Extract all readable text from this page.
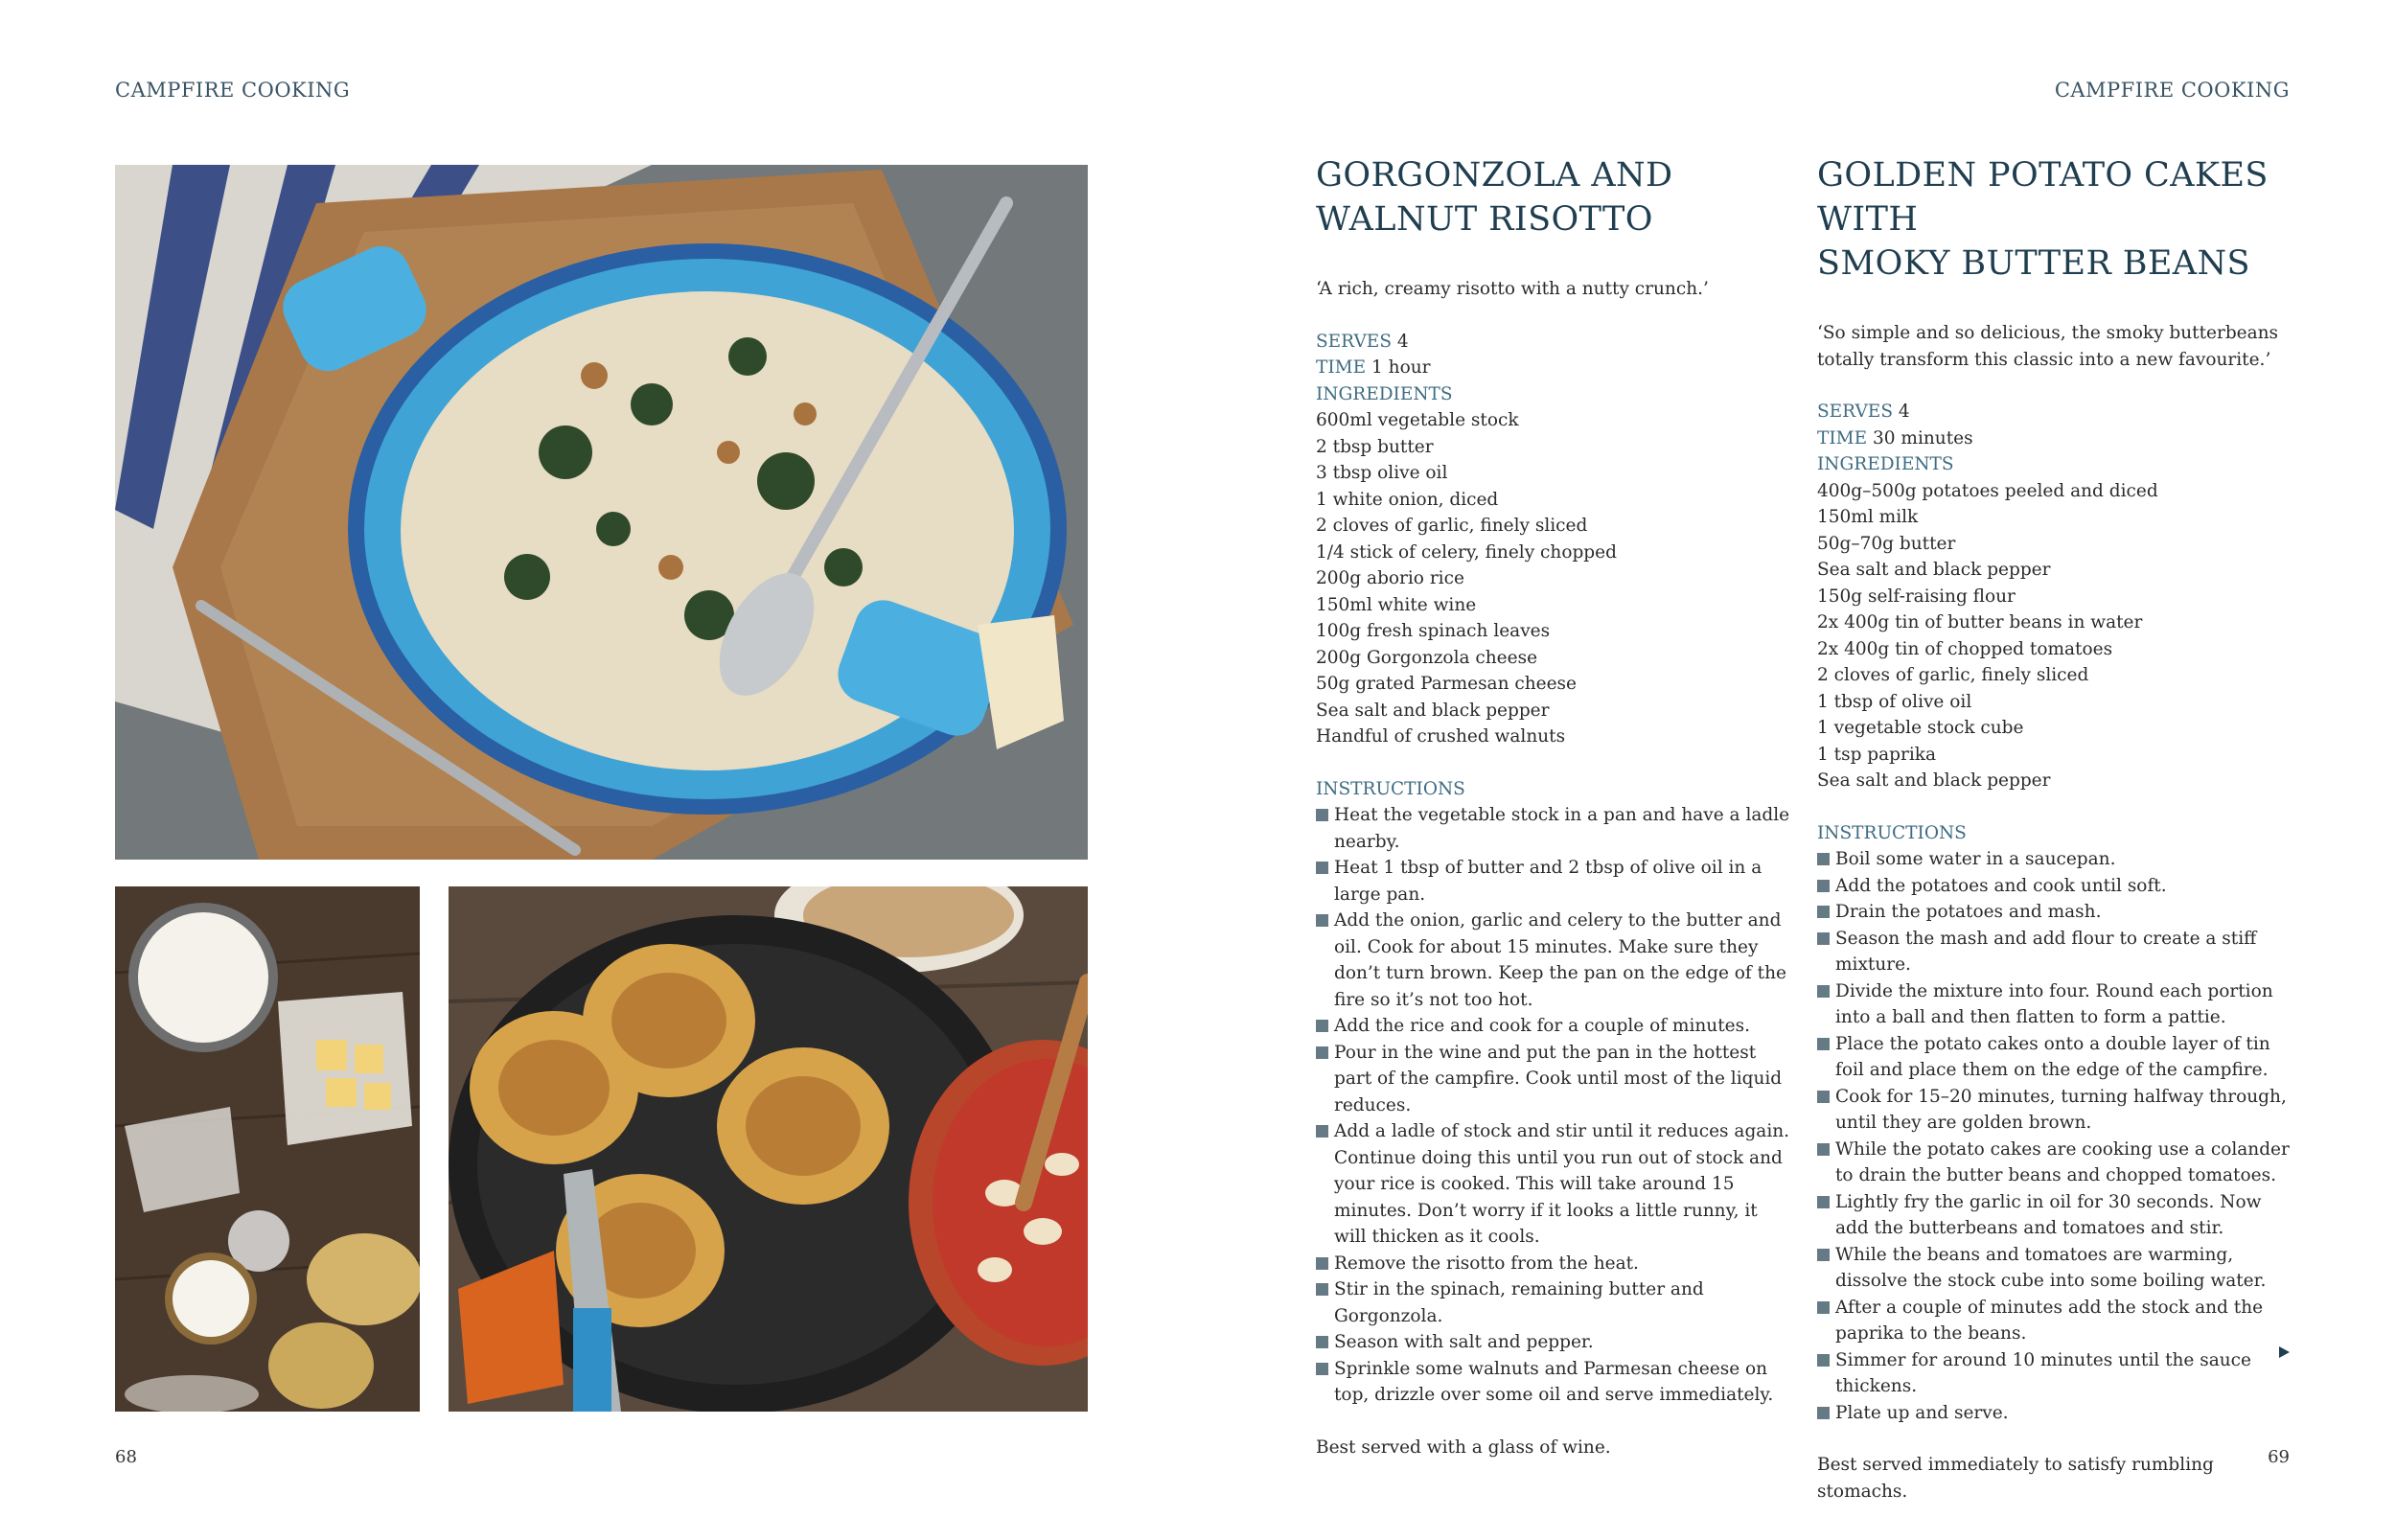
CAMPFIRE COOKING	CAMPFIRE COOKING
GORGONZOLA AND
WALNUT RISOTTO

‘A rich, creamy risotto with a nutty crunch.’

SERVES 4
TIME 1 hour
INGREDIENTS
600ml vegetable stock
2 tbsp butter
3 tbsp olive oil
1 white onion, diced
2 cloves of garlic, finely sliced
1/4 stick of celery, finely chopped
200g aborio rice
150ml white wine
100g fresh spinach leaves
200g Gorgonzola cheese
50g grated Parmesan cheese
Sea salt and black pepper
Handful of crushed walnuts
INSTRUCTIONS
Heat the vegetable stock in a pan and have a ladle nearby.
Heat 1 tbsp of butter and 2 tbsp of olive oil in a large pan.
Add the onion, garlic and celery to the butter and oil. Cook for about 15 minutes. Make sure they don’t turn brown. Keep the pan on the edge of the fire so it’s not too hot.
Add the rice and cook for a couple of minutes.
Pour in the wine and put the pan in the hottest part of the campfire. Cook until most of the liquid reduces.
Add a ladle of stock and stir until it reduces again. Continue doing this until you run out of stock and your rice is cooked. This will take around 15 minutes. Don’t worry if it looks a little runny, it will thicken as it cools.
Remove the risotto from the heat.
Stir in the spinach, remaining butter and Gorgonzola.
Season with salt and pepper.
Sprinkle some walnuts and Parmesan cheese on top, drizzle over some oil and serve immediately.

Best served with a glass of wine.

GOLDEN POTATO CAKES WITH
SMOKY BUTTER BEANS

‘So simple and so delicious, the smoky butterbeans totally transform this classic into a new favourite.’

SERVES 4
TIME 30 minutes
INGREDIENTS
400g–500g potatoes peeled and diced
150ml milk
50g–70g butter
Sea salt and black pepper
150g self-raising flour
2x 400g tin of butter beans in water
2x 400g tin of chopped tomatoes
2 cloves of garlic, finely sliced
1 tbsp of olive oil
1 vegetable stock cube
1 tsp paprika
Sea salt and black pepper
INSTRUCTIONS
Boil some water in a saucepan.
Add the potatoes and cook until soft.
Drain the potatoes and mash.
Season the mash and add flour to create a stiff mixture.
Divide the mixture into four. Round each portion into a ball and then flatten to form a pattie.
Place the potato cakes onto a double layer of tin foil and place them on the edge of the campfire.
Cook for 15–20 minutes, turning halfway through, until they are golden brown.
While the potato cakes are cooking use a colander to drain the butter beans and chopped tomatoes.
Lightly fry the garlic in oil for 30 seconds. Now add the butterbeans and tomatoes and stir.
While the beans and tomatoes are warming, dissolve the stock cube into some boiling water.
After a couple of minutes add the stock and the paprika to the beans.
Simmer for around 10 minutes until the sauce thickens.
Plate up and serve.

Best served immediately to satisfy rumbling stomachs.

68	69
